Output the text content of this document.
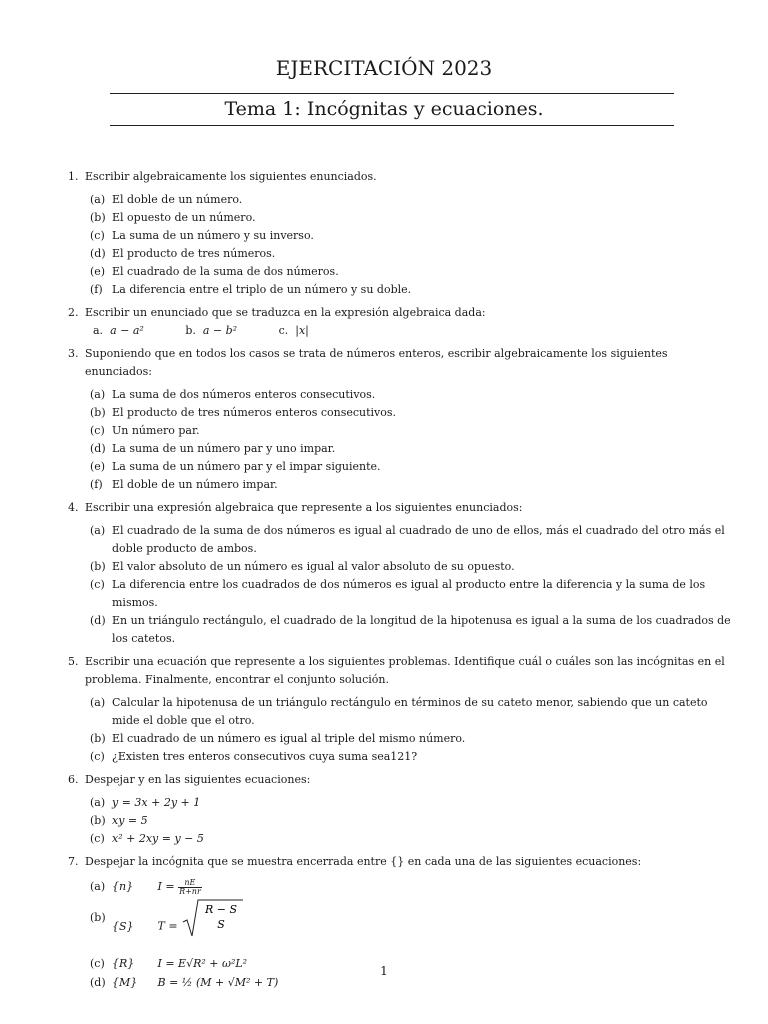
EJERCITACIÓN 2023
Tema 1: Incógnitas y ecuaciones.
1. Escribir algebraicamente los siguientes enunciados.
(a) El doble de un número.
(b) El opuesto de un número.
(c) La suma de un número y su inverso.
(d) El producto de tres números.
(e) El cuadrado de la suma de dos números.
(f) La diferencia entre el triplo de un número y su doble.
2. Escribir un enunciado que se traduzca en la expresión algebraica dada:
a. a − a²	b. a − b²	c. |x|
3. Suponiendo que en todos los casos se trata de números enteros, escribir algebraicamente los siguientes enunciados:
(a) La suma de dos números enteros consecutivos.
(b) El producto de tres números enteros consecutivos.
(c) Un número par.
(d) La suma de un número par y uno impar.
(e) La suma de un número par y el impar siguiente.
(f) El doble de un número impar.
4. Escribir una expresión algebraica que represente a los siguientes enunciados:
(a) El cuadrado de la suma de dos números es igual al cuadrado de uno de ellos, más el cuadrado del otro más el doble producto de ambos.
(b) El valor absoluto de un número es igual al valor absoluto de su opuesto.
(c) La diferencia entre los cuadrados de dos números es igual al producto entre la diferencia y la suma de los mismos.
(d) En un triángulo rectángulo, el cuadrado de la longitud de la hipotenusa es igual a la suma de los cuadrados de los catetos.
5. Escribir una ecuación que represente a los siguientes problemas. Identifique cuál o cuáles son las incógnitas en el problema. Finalmente, encontrar el conjunto solución.
(a) Calcular la hipotenusa de un triángulo rectángulo en términos de su cateto menor, sabiendo que un cateto mide el doble que el otro.
(b) El cuadrado de un número es igual al triple del mismo número.
(c) ¿Existen tres enteros consecutivos cuya suma sea121?
6. Despejar y en las siguientes ecuaciones:
(a) y = 3x + 2y + 1
(b) xy = 5
(c) x² + 2xy = y − 5
7. Despejar la incógnita que se muestra encerrada entre {} en cada una de las siguientes ecuaciones:
(a) {n} $I = \frac{nE}{R+nr}$
(b)
{S} T =
R − S
S
(c) {R} I = E√R² + ω²L²
(d) {M} B = ½ (M + √M² + T)
1
